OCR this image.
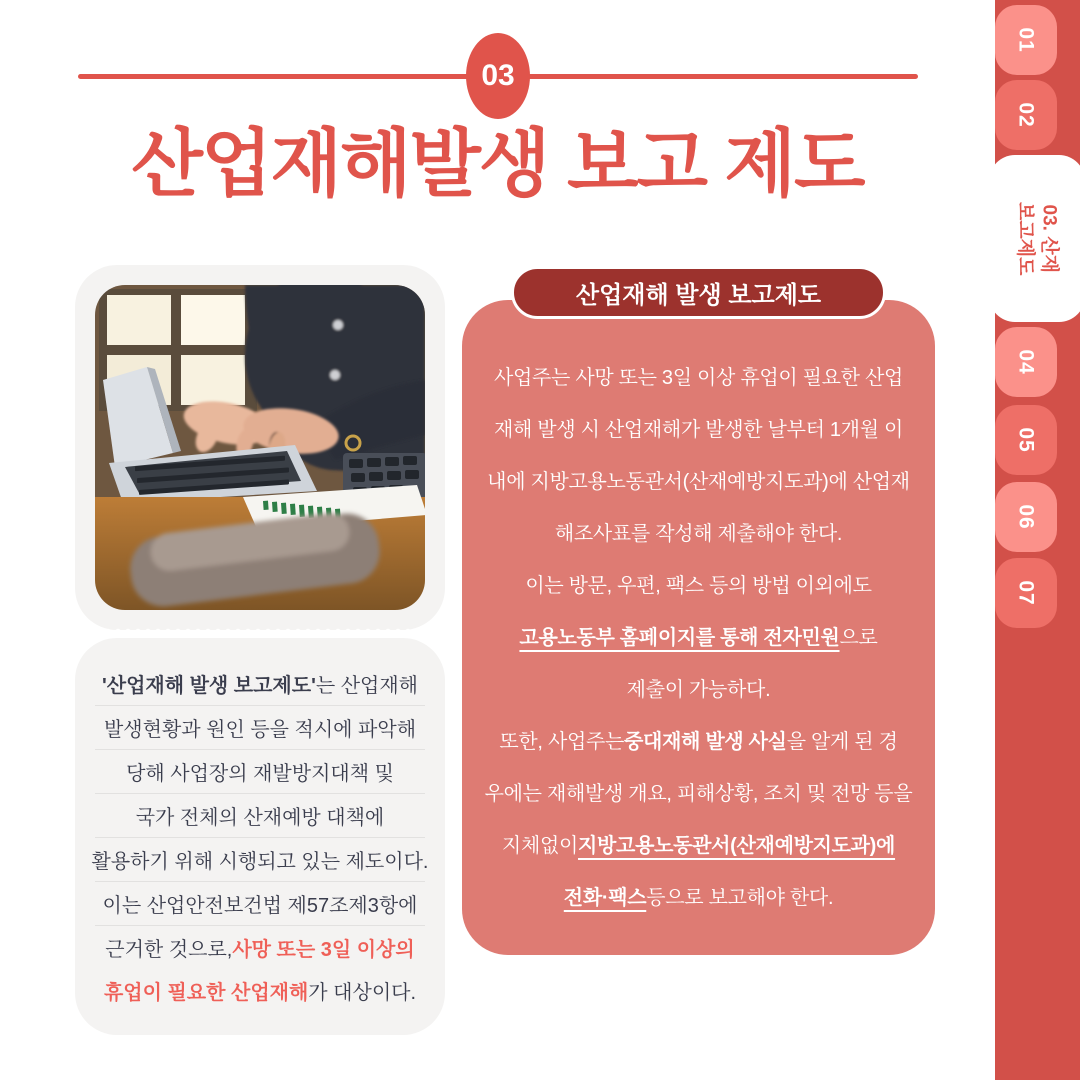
03
산업재해발생 보고 제도
'산업재해 발생 보고제도' 는 산업재해
발생현황과 원인 등을 적시에 파악해
당해 사업장의 재발방지대책 및
국가 전체의 산재예방 대책에
활용하기 위해 시행되고 있는 제도이다.
이는 산업안전보건법 제57조제3항에
근거한 것으로, 사망 또는 3일 이상의
휴업이 필요한 산업재해 가 대상이다.
사업주는 사망 또는 3일 이상 휴업이 필요한 산업
재해 발생 시 산업재해가 발생한 날부터 1개월 이
내에 지방고용노동관서(산재예방지도과)에 산업재
해조사표를 작성해 제출해야 한다.
이는 방문, 우편, 팩스 등의 방법 이외에도
고용노동부 홈페이지를 통해 전자민원 으로
제출이 가능하다.
또한, 사업주는 중대재해 발생 사실 을 알게 된 경
우에는 재해발생 개요, 피해상황, 조치 및 전망 등을
지체없이 지방고용노동관서(산재예방지도과)에
전화·팩스 등으로 보고해야 한다.
산업재해 발생 보고제도
01
02
03. 산재
보고제도
04
05
06
07
